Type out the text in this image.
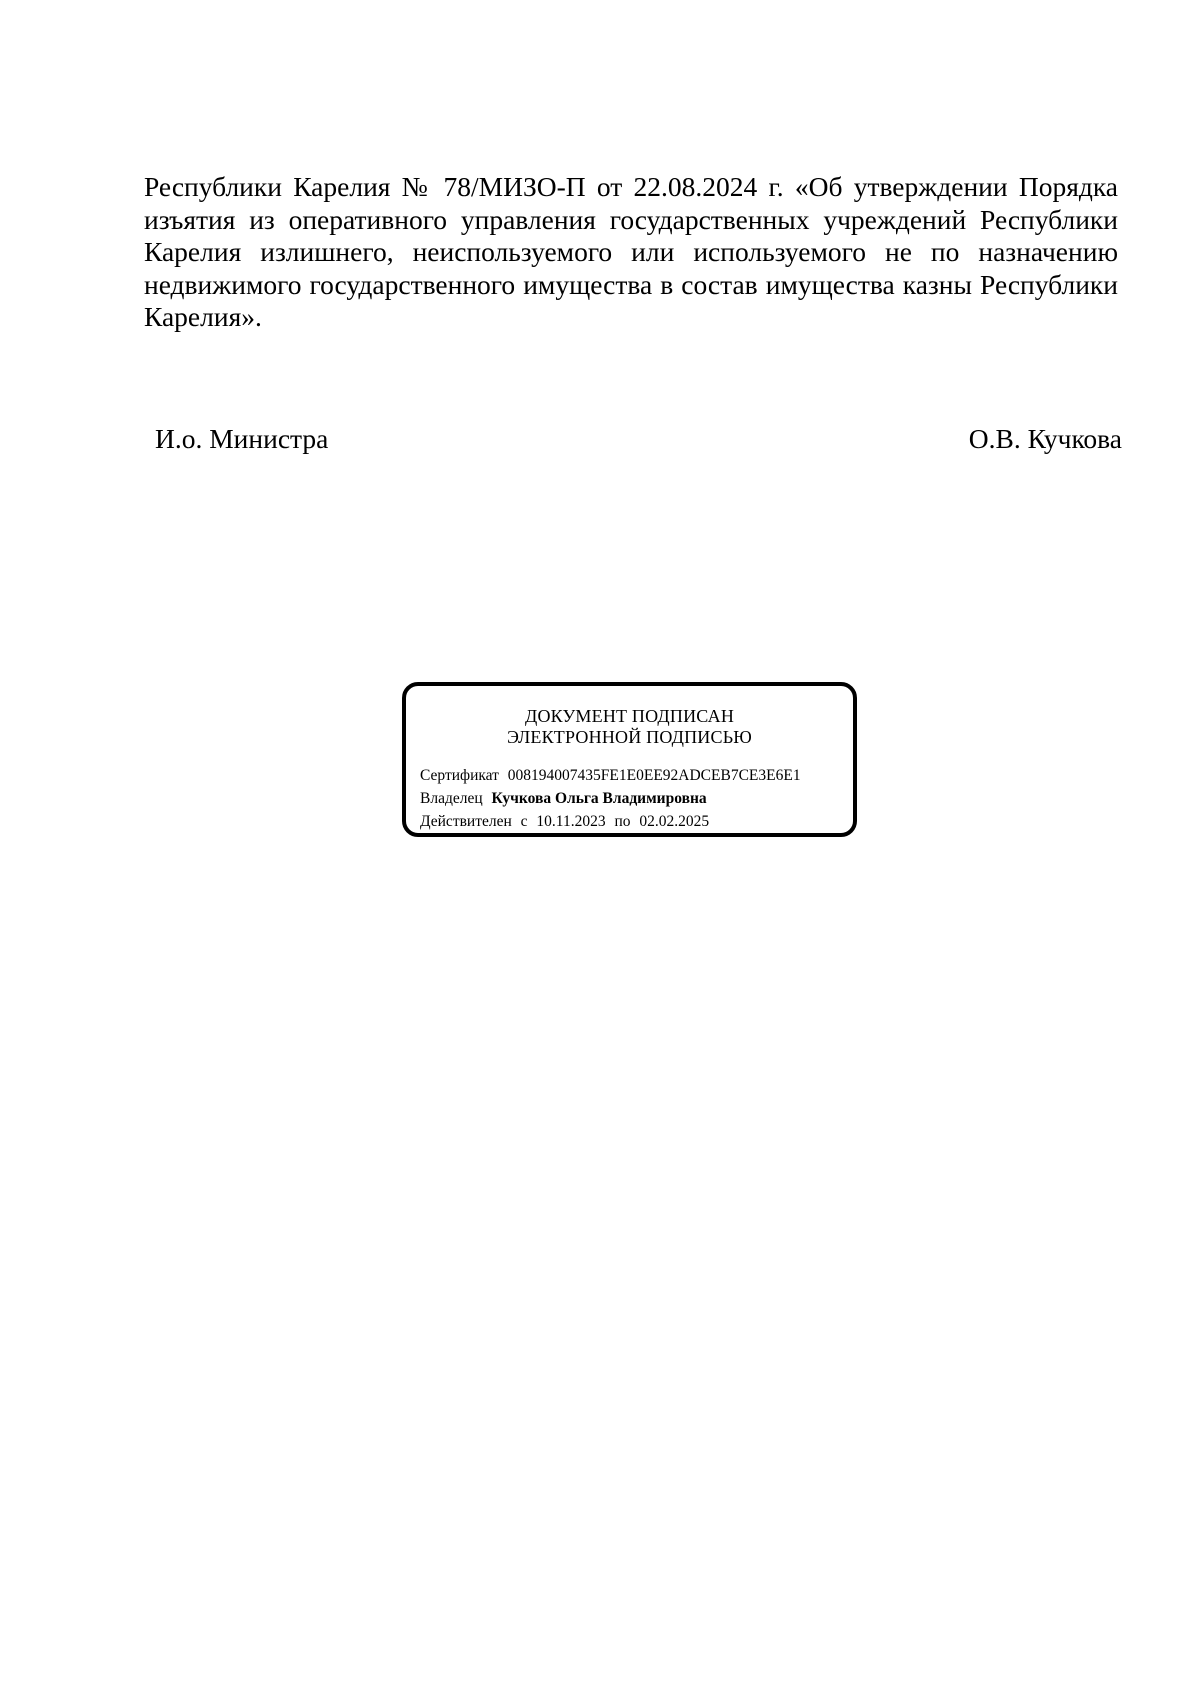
Республики Карелия № 78/МИЗО-П от 22.08.2024 г. «Об утверждении Порядка изъятия из оперативного управления государственных учреждений Республики Карелия излишнего, неиспользуемого или используемого не по назначению недвижимого государственного имущества в состав имущества казны Республики Карелия».

И.о. Министра	О.В. Кучкова
ДОКУМЕНТ ПОДПИСАН
ЭЛЕКТРОННОЙ ПОДПИСЬЮ
Сертификат 008194007435FE1E0EE92ADCEB7CE3E6E1
Владелец Кучкова Ольга Владимировна
Действителен с 10.11.2023 по 02.02.2025
